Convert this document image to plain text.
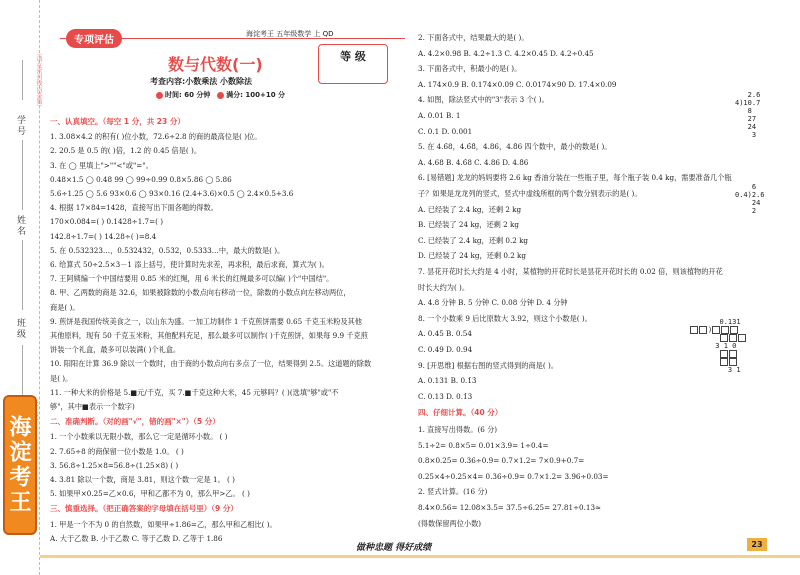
学号
姓名
班级
（请在密封线内答题）
海淀考王
专项评估
海淀考王 五年级数学 上 QD
数与代数(一)	等 级
考查内容:小数乘法 小数除法
时间: 60 分钟 满分: 100+10 分
一、认真填空。（每空 1 分，共 23 分）
1. 3.08×4.2 的积有( )位小数，72.6÷2.8 的商的最高位是( )位。
2. 20.5 是 0.5 的( )倍，1.2 的 0.45 倍是( )。
3. 在 ◯ 里填上">""<"或"="。
0.48×1.5 ◯ 0.48 99 ◯ 99÷0.99 0.8×5.86 ◯ 5.86
5.6÷1.25 ◯ 5.6 93×0.6 ◯ 93×0.16 (2.4+3.6)×0.5 ◯ 2.4×0.5+3.6
4. 根据 17×84=1428，直接写出下面各题的得数。
170×0.084=( ) 0.1428÷1.7=( )
142.8÷1.7=( ) 14.28÷( )=8.4
5. 在 0.532323…，0.532432，0.532，0.5333…中，最大的数是( )。
6. 给算式 50÷2.5×3－1 添上括号，使计算时先求差，再求积，最后求商，算式为( )。
7. 王阿姨编一个中国结要用 0.85 米的红绳，用 6 米长的红绳最多可以编( )个"中国结"。
8. 甲、乙两数的商是 32.6，如果被除数的小数点向右移动一位，除数的小数点向左移动两位，
商是( )。
9. 煎饼是我国传统美食之一，以山东为盛。一加工坊制作 1 千克煎饼需要 0.65 千克玉米粉及其他
其他原料，现有 50 千克玉米粉，其他配料充足，那么最多可以制作( )千克煎饼，如果每 9.9 千克煎
饼装一个礼盒，最多可以装满( )个礼盒。
10. 阳阳在计算 36.9 除以一个数时，由于商的小数点向右多点了一位，结果得到 2.5。这道题的除数
是( )。
11. 一种大米的价格是 5.■元/千克，买 7.■千克这种大米，45 元够吗？( )(选填"够"或"不
够"，其中■表示一个数字)
二、准确判断。（对的画"√"，错的画"×"）（5 分）
1. 一个小数乘以无限小数，那么它一定是循环小数。 ( )
2. 7.65÷8 的商保留一位小数是 1.0。 ( )
3. 56.8÷1.25×8=56.8÷(1.25×8) ( )
4. 3.81 除以一个数，商是 3.81，则这个数一定是 1。 ( )
5. 如果甲×0.25=乙×0.6，甲和乙都不为 0，那么甲>乙。 ( )
三、慎重选择。（把正确答案的字母填在括号里）（9 分）
1. 甲是一个不为 0 的自然数，如果甲÷1.86=乙，那么甲和乙相比( )。
A. 大于乙数 B. 小于乙数 C. 等于乙数 D. 乙等于 1.86
2. 下面各式中，结果最大的是( )。
A. 4.2×0.98 B. 4.2÷1.3 C. 4.2×0.45 D. 4.2÷0.45
3. 下面各式中，积最小的是( )。
A. 174×0.9 B. 0.174×0.09 C. 0.0174×90 D. 17.4×0.09
4. 如图，除法竖式中的"3"表示 3 个( )。
A. 0.01 B. 1
C. 0.1 D. 0.001
5. 在 4.6̇8，4.6̇8̇，4.86，4.8̇6 四个数中，最小的数是( )。
A. 4.68 B. 4.6̇8 C. 4.86 D. 4.8̇6
6. [易错题] 龙龙的妈妈要将 2.6 kg 香油分装在一些瓶子里，每个瓶子装 0.4 kg，需要准备几个瓶
子？如果是龙龙列的竖式，竖式中虚线所框的两个数分别表示的是( )。
A. 已经装了 2.4 kg，还剩 2 kg
B. 已经装了 24 kg，还剩 2 kg
C. 已经装了 2.4 kg，还剩 0.2 kg
D. 已经装了 24 kg，还剩 0.2 kg
7. 昙花开花时长大约是 4 小时，某植物的开花时长是昙花开花时长的 0.02 倍，则该植物的开花
时长大约为( )。
A. 4.8 分钟 B. 5 分钟 C. 0.08 分钟 D. 4 分钟
8. 一个小数乘 9 后比原数大 3.92，则这个小数是( )。
A. 0.45 B. 0.54
C. 0.49 D. 0.94
9. [开思维] 根据右图的竖式得到的商是( )。
A. 0.131 B. 0.1̇3̇
C. 0.13 D. 0.1̇3
四、仔细计算。（40 分）
1. 直接写出得数。(6 分)
5.1÷2= 0.8×5= 0.01×3.9= 1÷0.4=
0.8×0.25= 0.36÷0.9= 0.7×1.2= 7×0.9+0.7=
0.25×4÷0.25×4= 0.36÷0.9= 0.7×1.2= 3.96÷0.03=
2. 竖式计算。(16 分)
8.4×0.56= 12.08×3.5= 37.5÷6.25= 27.81÷0.13≈
(得数保留两位小数)
2.6
4)10.7
8
27
24
3
6
0.4)2.6
24
2
0.131
)

3 1 0

3 1
做种忠题 得好成绩	23
